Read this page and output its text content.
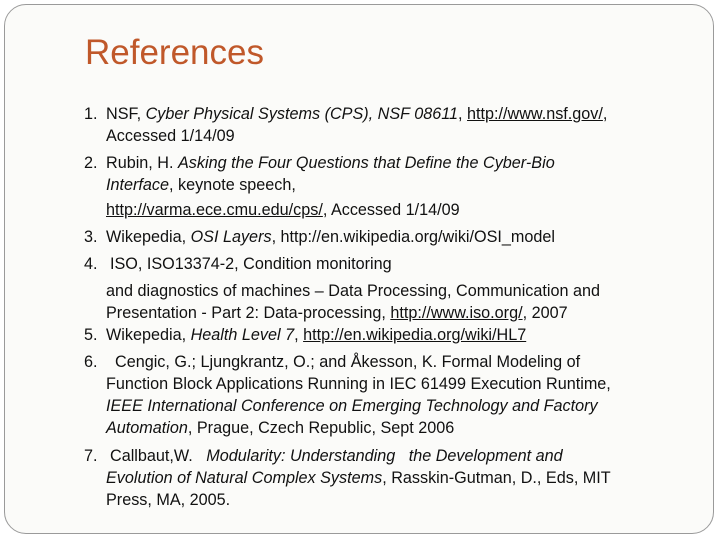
References
1. NSF, Cyber Physical Systems (CPS), NSF 08611, http://www.nsf.gov/,
Accessed 1/14/09
2. Rubin, H. Asking the Four Questions that Define the Cyber-Bio
Interface, keynote speech,
http://varma.ece.cmu.edu/cps/, Accessed 1/14/09
3. Wikepedia, OSI Layers, http://en.wikipedia.org/wiki/OSI_model
4. ISO, ISO13374-2, Condition monitoring
and diagnostics of machines – Data Processing, Communication and
Presentation - Part 2: Data-processing, http://www.iso.org/, 2007
5. Wikepedia, Health Level 7, http://en.wikipedia.org/wiki/HL7
6.	Cengic, G.; Ljungkrantz, O.; and Åkesson, K. Formal Modeling of
Function Block Applications Running in IEC 61499 Execution Runtime,
IEEE International Conference on Emerging Technology and Factory
Automation, Prague, Czech Republic, Sept 2006
7. Callbaut,W. Modularity: Understanding   the Development and
Evolution of Natural Complex Systems, Rasskin-Gutman, D., Eds, MIT
Press, MA, 2005.
